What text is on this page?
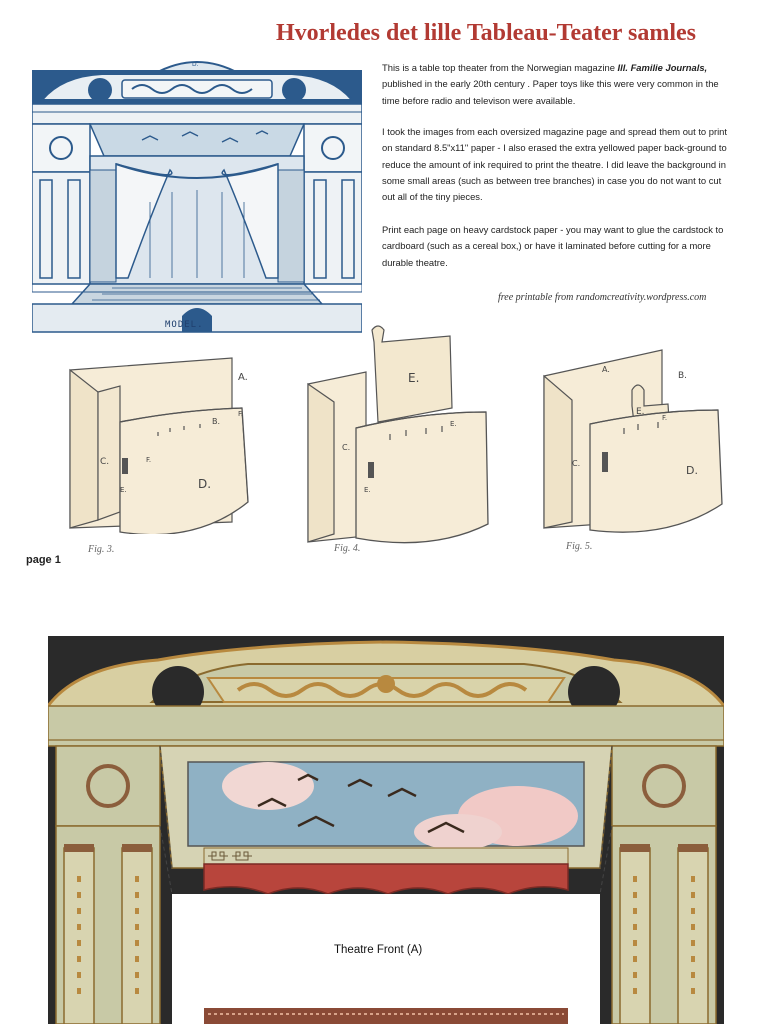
Hvorledes det lille Tableau-Teater samles
D.
MODEL.
This is a table top theater from the Norwegian magazine Ill. Familie Journals, published in the early 20th century . Paper toys like this were very common in the time before radio and televison were available.
I took the images from each oversized magazine page and spread them out to print on standard 8.5"x11" paper - I also erased the extra yellowed paper back-ground to reduce the amount of ink required to print the theatre. I did leave the background in some small areas (such as between tree branches) in case you do not want to cut out all of the tiny pieces.
Print each page on heavy cardstock paper - you may want to glue the cardstock to cardboard (such as a cereal box,) or have it laminated before cutting for a more durable theatre.
free printable from randomcreativity.wordpress.com
A.
B.
F.
C.	F.
E.	D.
Fig. 3.
E.
E.
E.
C.
Fig. 4.
A.
B.
E.
F.
C.
D.
Fig. 5.
page 1
Theatre Front (A)
